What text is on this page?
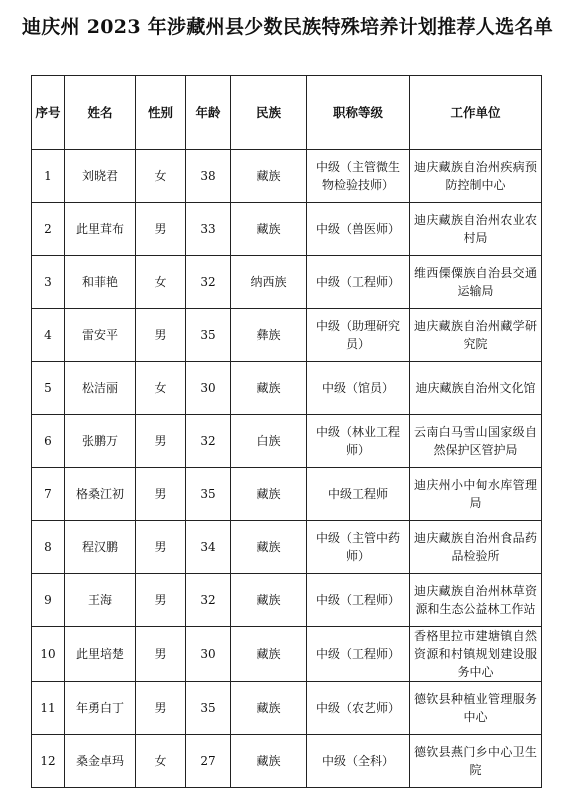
迪庆州 2023 年涉藏州县少数民族特殊培养计划推荐人选名单
序号	姓名	性别	年龄	民族	职称等级	工作单位
1	刘晓君	女	38	藏族	中级（主管微生物检验技师）	迪庆藏族自治州疾病预防控制中心
2	此里茸布	男	33	藏族	中级（兽医师）	迪庆藏族自治州农业农村局
3	和菲艳	女	32	纳西族	中级（工程师）	维西傈僳族自治县交通运输局
4	雷安平	男	35	彝族	中级（助理研究员）	迪庆藏族自治州藏学研究院
5	松洁丽	女	30	藏族	中级（馆员）	迪庆藏族自治州文化馆
6	张鹏万	男	32	白族	中级（林业工程师）	云南白马雪山国家级自然保护区管护局
7	格桑江初	男	35	藏族	中级工程师	迪庆州小中甸水库管理局
8	程汉鹏	男	34	藏族	中级（主管中药师）	迪庆藏族自治州食品药品检验所
9	王海	男	32	藏族	中级（工程师）	迪庆藏族自治州林草资源和生态公益林工作站
10	此里培楚	男	30	藏族	中级（工程师）	香格里拉市建塘镇自然资源和村镇规划建设服务中心
11	年勇白丁	男	35	藏族	中级（农艺师）	德钦县种植业管理服务中心
12	桑金卓玛	女	27	藏族	中级（全科）	德钦县燕门乡中心卫生院
